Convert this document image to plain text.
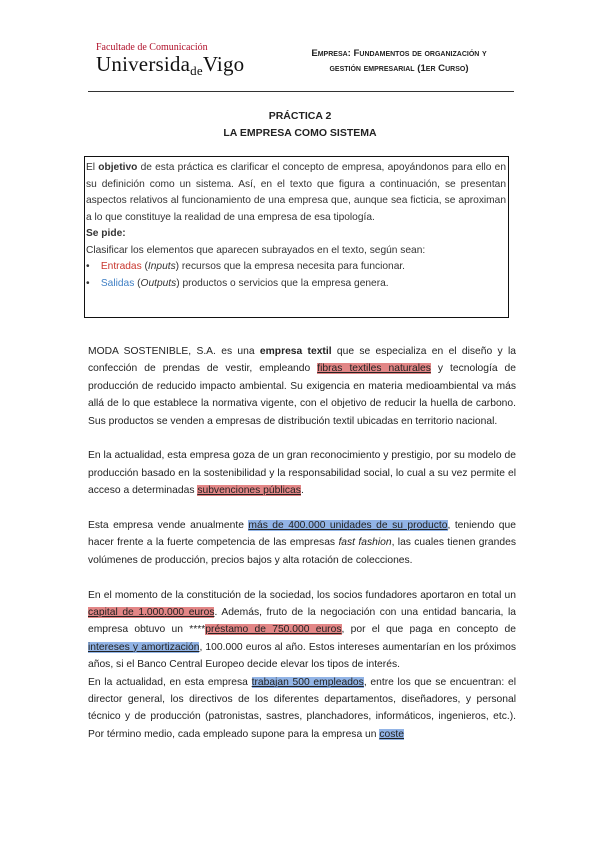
Facultade de Comunicación
UniversidadeVigo	Empresa: Fundamentos de organización y
gestión empresarial (1er Curso)
PRÁCTICA 2
LA EMPRESA COMO SISTEMA

El objetivo de esta práctica es clarificar el concepto de empresa, apoyándonos para ello en su definición como un sistema. Así, en el texto que figura a continuación, se presentan aspectos relativos al funcionamiento de una empresa que, aunque sea ficticia, se aproximan a lo que constituye la realidad de una empresa de esa tipología.

Se pide:

Clasificar los elementos que aparecen subrayados en el texto, según sean:

•    Entradas (Inputs) recursos que la empresa necesita para funcionar.

•    Salidas (Outputs) productos o servicios que la empresa genera.

MODA SOSTENIBLE, S.A. es una empresa textil que se especializa en el diseño y la confección de prendas de vestir, empleando fibras textiles naturales y tecnología de producción de reducido impacto ambiental. Su exigencia en materia medioambiental va más allá de lo que establece la normativa vigente, con el objetivo de reducir la huella de carbono. Sus productos se venden a empresas de distribución textil ubicadas en territorio nacional.

En la actualidad, esta empresa goza de un gran reconocimiento y prestigio, por su modelo de producción basado en la sostenibilidad y la responsabilidad social, lo cual a su vez permite el acceso a determinadas subvenciones públicas.

Esta empresa vende anualmente más de 400.000 unidades de su producto, teniendo que hacer frente a la fuerte competencia de las empresas fast fashion, las cuales tienen grandes volúmenes de producción, precios bajos y alta rotación de colecciones.

En el momento de la constitución de la sociedad, los socios fundadores aportaron en total un capital de 1.000.000 euros. Además, fruto de la negociación con una entidad bancaria, la empresa obtuvo un ****préstamo de 750.000 euros, por el que paga en concepto de intereses y amortización, 100.000 euros al año. Estos intereses aumentarían en los próximos años, si el Banco Central Europeo decide elevar los tipos de interés.

En la actualidad, en esta empresa trabajan 500 empleados, entre los que se encuentran: el director general, los directivos de los diferentes departamentos, diseñadores, y personal técnico y de producción (patronistas, sastres, planchadores, informáticos, ingenieros, etc.). Por término medio, cada empleado supone para la empresa un coste
